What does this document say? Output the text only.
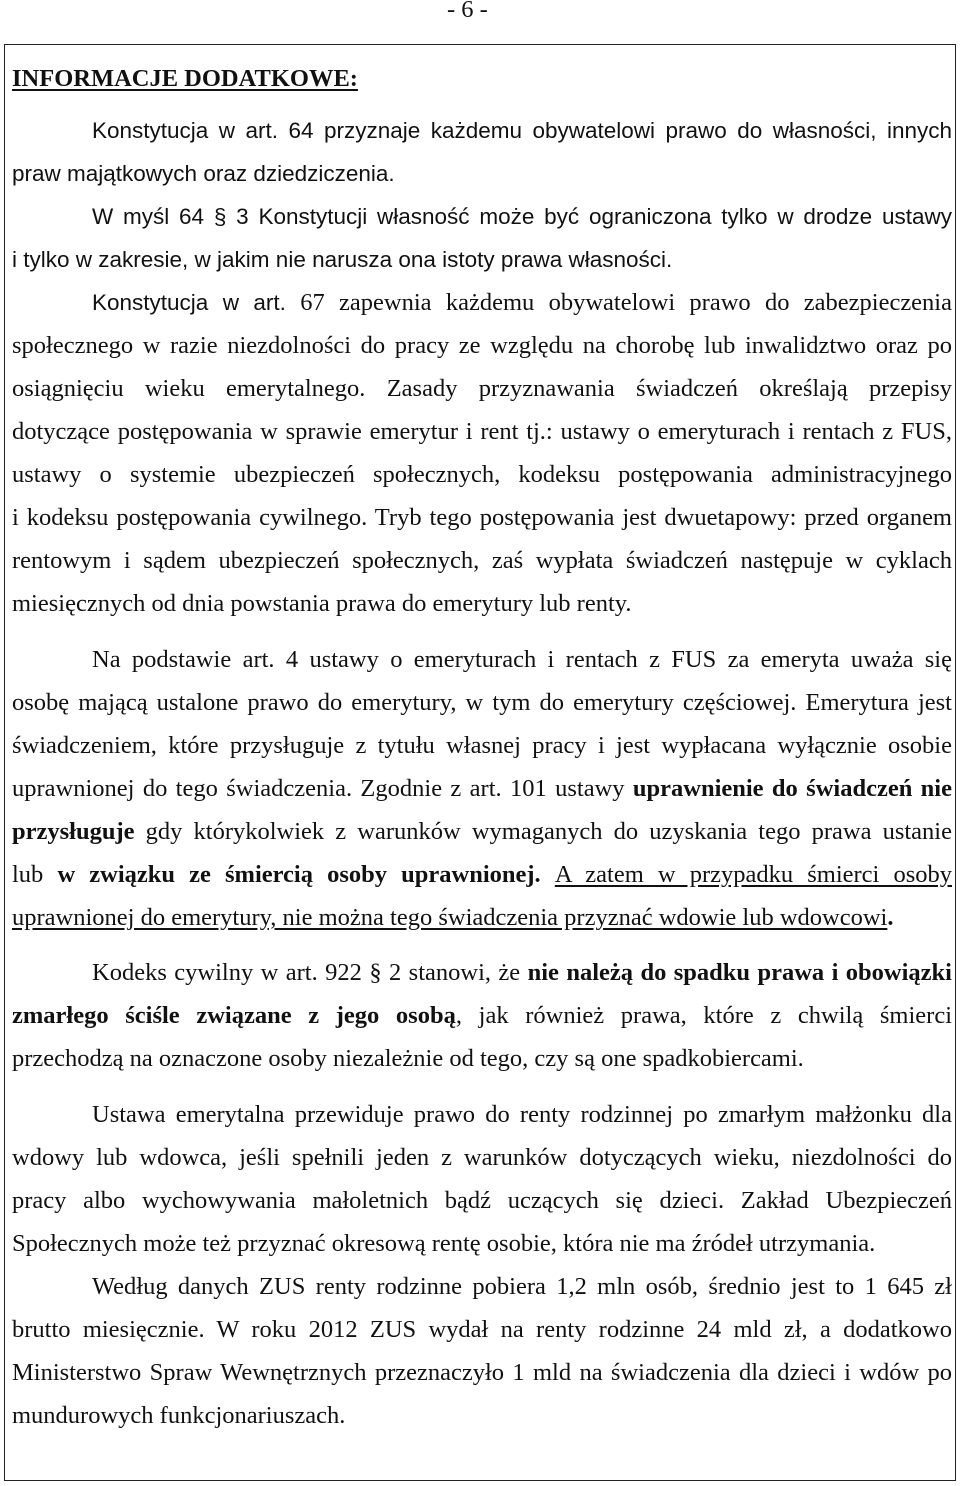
- 6 -
INFORMACJE DODATKOWE:
Konstytucja w art. 64 przyznaje każdemu obywatelowi prawo do własności, innych
praw majątkowych oraz dziedziczenia.
W myśl 64 § 3 Konstytucji własność może być ograniczona tylko w drodze ustawy
i tylko w zakresie, w jakim nie narusza ona istoty prawa własności.
Konstytucja w art. 67 zapewnia każdemu obywatelowi prawo do zabezpieczenia
społecznego w razie niezdolności do pracy ze względu na chorobę lub inwalidztwo oraz po
osiągnięciu wieku emerytalnego. Zasady przyznawania świadczeń określają przepisy
dotyczące postępowania w sprawie emerytur i rent tj.: ustawy o emeryturach i rentach z FUS,
ustawy o systemie ubezpieczeń społecznych, kodeksu postępowania administracyjnego
i kodeksu postępowania cywilnego. Tryb tego postępowania jest dwuetapowy: przed organem
rentowym i sądem ubezpieczeń społecznych, zaś wypłata świadczeń następuje w cyklach
miesięcznych od dnia powstania prawa do emerytury lub renty.
Na podstawie art. 4 ustawy o emeryturach i rentach z FUS za emeryta uważa się
osobę mającą ustalone prawo do emerytury, w tym do emerytury częściowej. Emerytura jest
świadczeniem, które przysługuje z tytułu własnej pracy i jest wypłacana wyłącznie osobie
uprawnionej do tego świadczenia. Zgodnie z art. 101 ustawy uprawnienie do świadczeń nie
przysługuje gdy którykolwiek z warunków wymaganych do uzyskania tego prawa ustanie
lub w związku ze śmiercią osoby uprawnionej. A zatem w przypadku śmierci osoby
uprawnionej do emerytury, nie można tego świadczenia przyznać wdowie lub wdowcowi.
Kodeks cywilny w art. 922 § 2 stanowi, że nie należą do spadku prawa i obowiązki
zmarłego ściśle związane z jego osobą, jak również prawa, które z chwilą śmierci
przechodzą na oznaczone osoby niezależnie od tego, czy są one spadkobiercami.
Ustawa emerytalna przewiduje prawo do renty rodzinnej po zmarłym małżonku dla
wdowy lub wdowca, jeśli spełnili jeden z warunków dotyczących wieku, niezdolności do
pracy albo wychowywania małoletnich bądź uczących się dzieci. Zakład Ubezpieczeń
Społecznych może też przyznać okresową rentę osobie, która nie ma źródeł utrzymania.
Według danych ZUS renty rodzinne pobiera 1,2 mln osób, średnio jest to 1 645 zł
brutto miesięcznie. W roku 2012 ZUS wydał na renty rodzinne 24 mld zł, a dodatkowo
Ministerstwo Spraw Wewnętrznych przeznaczyło 1 mld na świadczenia dla dzieci i wdów po
mundurowych funkcjonariuszach.
